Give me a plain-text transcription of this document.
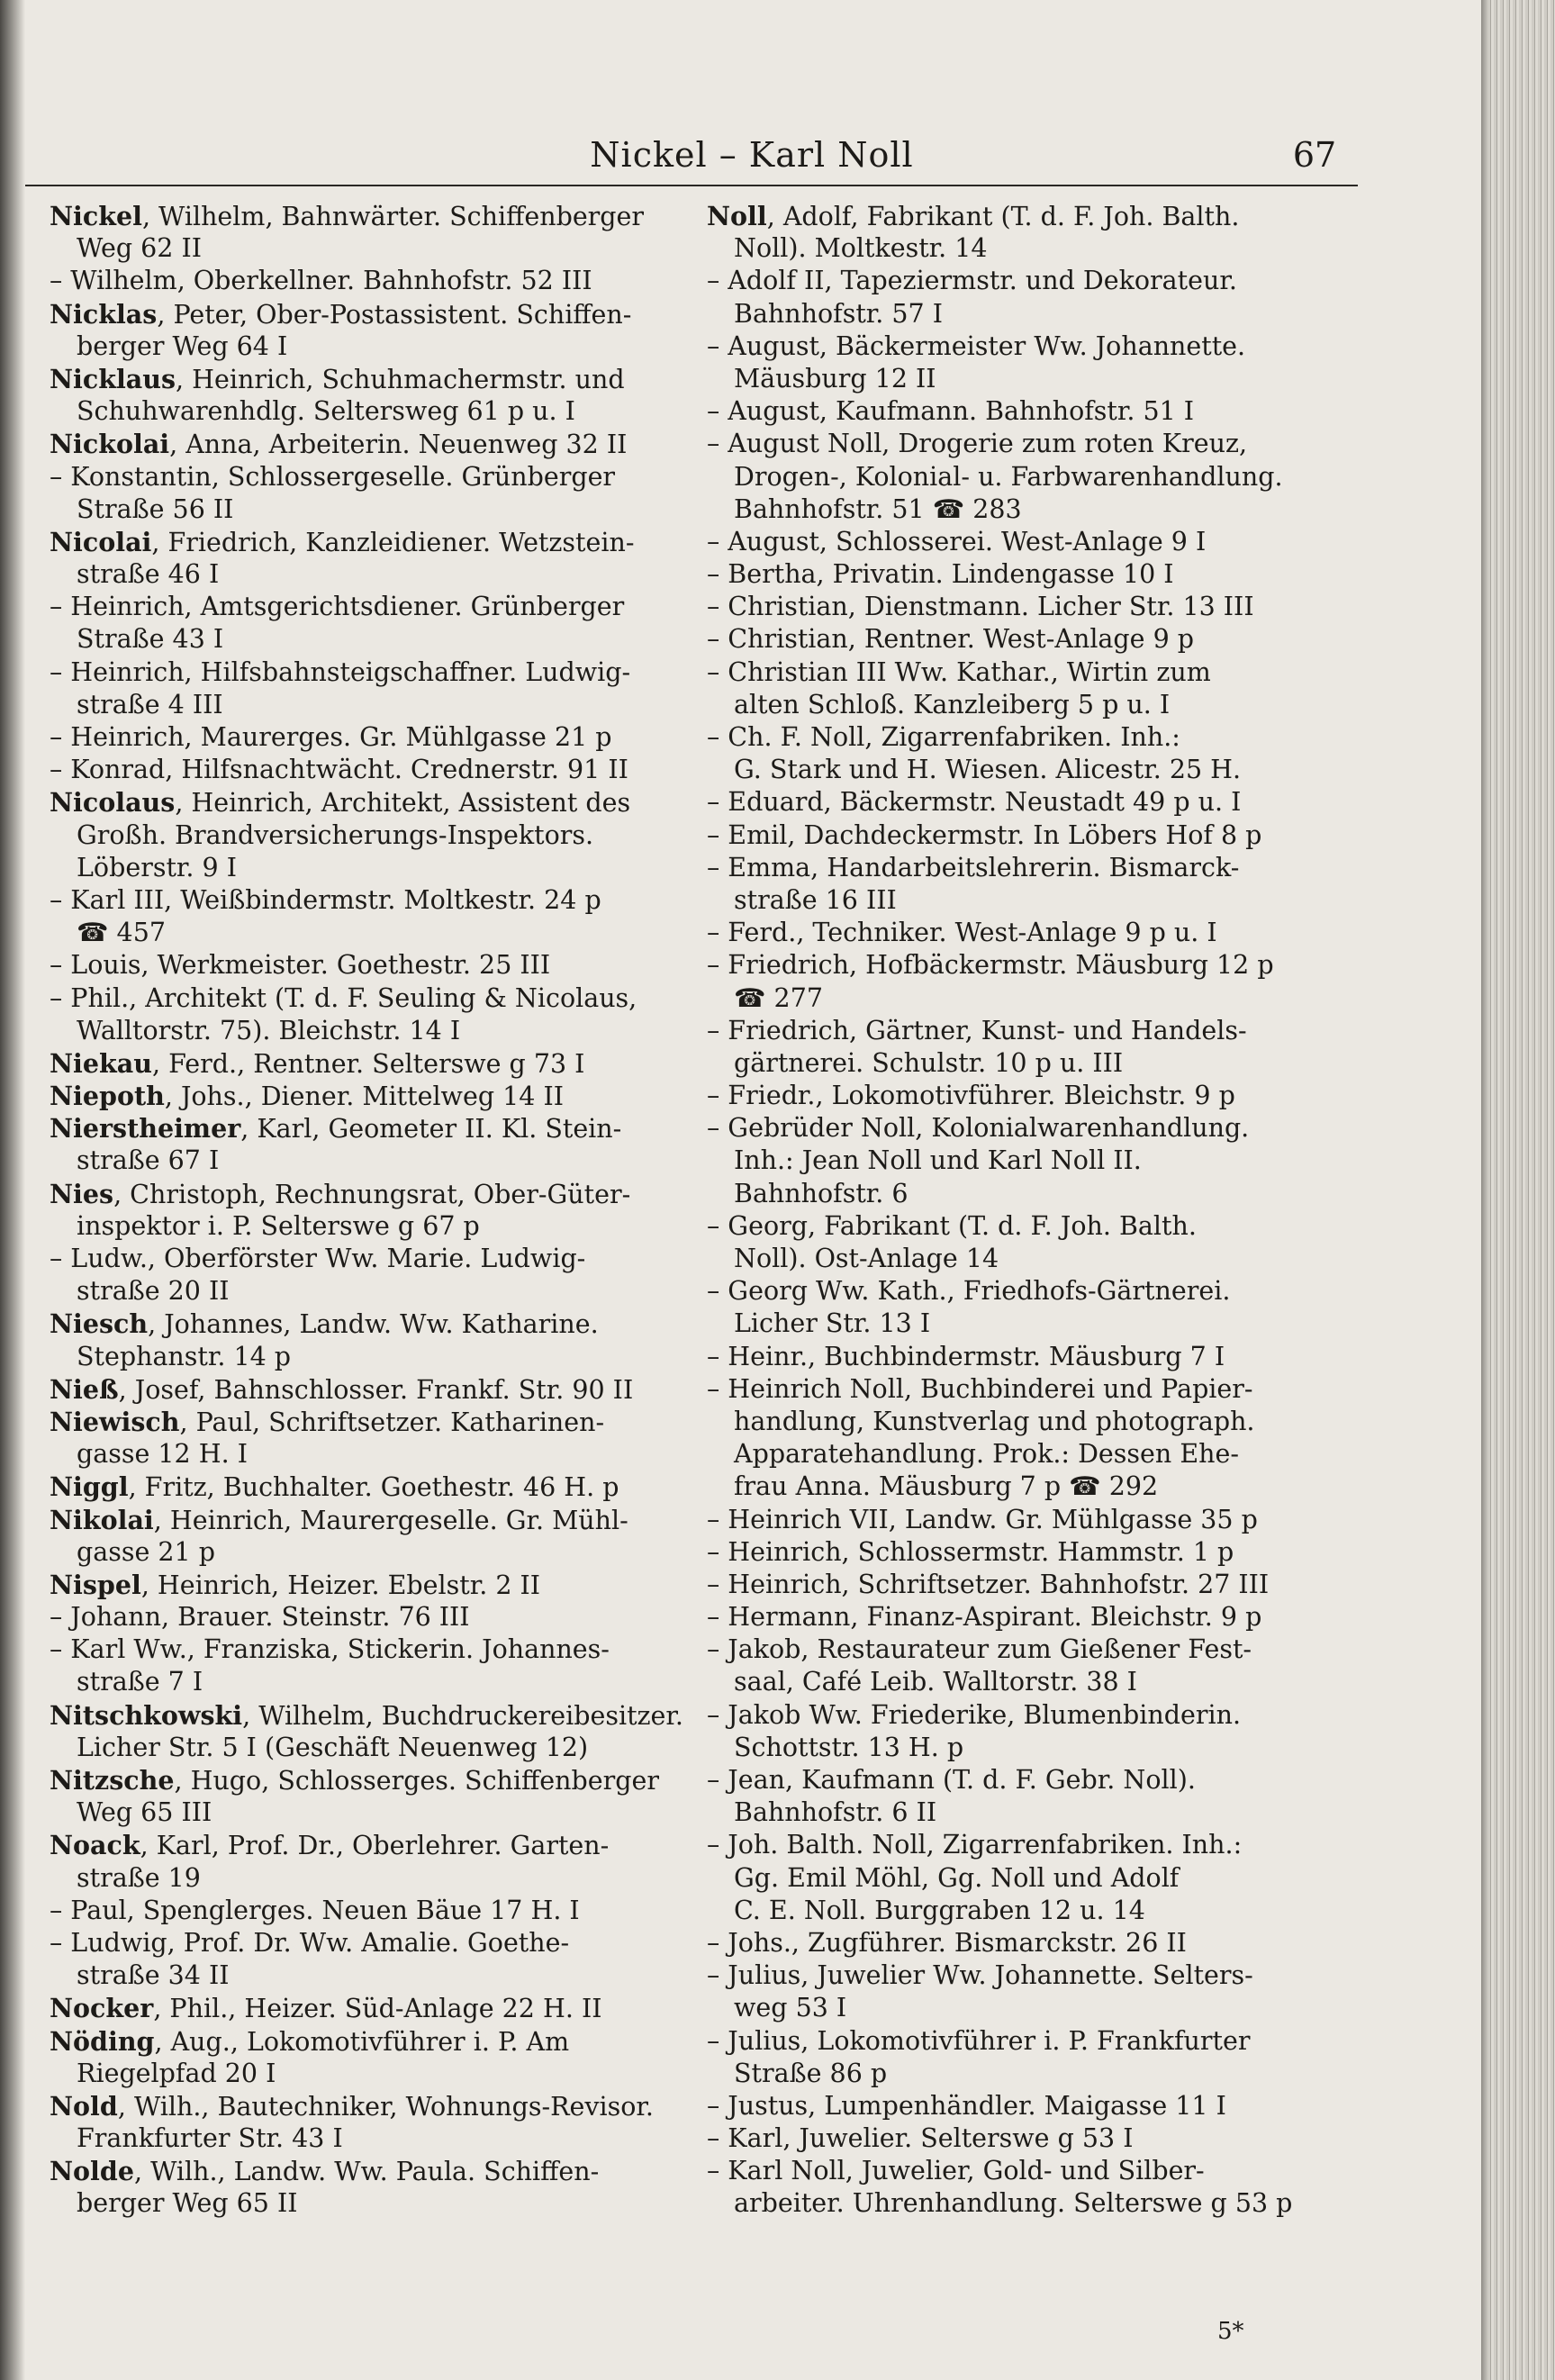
Nickel – Karl Noll	67
Nickel, Wilhelm, Bahnwärter. Schiffenberger
Weg 62 II
– Wilhelm, Oberkellner. Bahnhofstr. 52 III
Nicklas, Peter, Ober-Postassistent. Schiffen-
berger Weg 64 I
Nicklaus, Heinrich, Schuhmachermstr. und
Schuhwarenhdlg. Seltersweg 61 p u. I
Nickolai, Anna, Arbeiterin. Neuenweg 32 II
– Konstantin, Schlossergeselle. Grünberger
Straße 56 II
Nicolai, Friedrich, Kanzleidiener. Wetzstein-
straße 46 I
– Heinrich, Amtsgerichtsdiener. Grünberger
Straße 43 I
– Heinrich, Hilfsbahnsteigschaffner. Ludwig-
straße 4 III
– Heinrich, Maurerges. Gr. Mühlgasse 21 p
– Konrad, Hilfsnachtwächt. Crednerstr. 91 II
Nicolaus, Heinrich, Architekt, Assistent des
Großh. Brandversicherungs-Inspektors.
Löberstr. 9 I
– Karl III, Weißbindermstr. Moltkestr. 24 p
☎ 457
– Louis, Werkmeister. Goethestr. 25 III
– Phil., Architekt (T. d. F. Seuling & Nicolaus,
Walltorstr. 75). Bleichstr. 14 I
Niekau, Ferd., Rentner. Selterswe g 73 I
Niepoth, Johs., Diener. Mittelweg 14 II
Nierstheimer, Karl, Geometer II. Kl. Stein-
straße 67 I
Nies, Christoph, Rechnungsrat, Ober-Güter-
inspektor i. P. Selterswe g 67 p
– Ludw., Oberförster Ww. Marie. Ludwig-
straße 20 II
Niesch, Johannes, Landw. Ww. Katharine.
Stephanstr. 14 p
Nieß, Josef, Bahnschlosser. Frankf. Str. 90 II
Niewisch, Paul, Schriftsetzer. Katharinen-
gasse 12 H. I
Niggl, Fritz, Buchhalter. Goethestr. 46 H. p
Nikolai, Heinrich, Maurergeselle. Gr. Mühl-
gasse 21 p
Nispel, Heinrich, Heizer. Ebelstr. 2 II
– Johann, Brauer. Steinstr. 76 III
– Karl Ww., Franziska, Stickerin. Johannes-
straße 7 I
Nitschkowski, Wilhelm, Buchdruckereibesitzer.
Licher Str. 5 I (Geschäft Neuenweg 12)
Nitzsche, Hugo, Schlosserges. Schiffenberger
Weg 65 III
Noack, Karl, Prof. Dr., Oberlehrer. Garten-
straße 19
– Paul, Spenglerges. Neuen Bäue 17 H. I
– Ludwig, Prof. Dr. Ww. Amalie. Goethe-
straße 34 II
Nocker, Phil., Heizer. Süd-Anlage 22 H. II
Nöding, Aug., Lokomotivführer i. P. Am
Riegelpfad 20 I
Nold, Wilh., Bautechniker, Wohnungs-Revisor.
Frankfurter Str. 43 I
Nolde, Wilh., Landw. Ww. Paula. Schiffen-
berger Weg 65 II
Noll, Adolf, Fabrikant (T. d. F. Joh. Balth.
Noll). Moltkestr. 14
– Adolf II, Tapeziermstr. und Dekorateur.
Bahnhofstr. 57 I
– August, Bäckermeister Ww. Johannette.
Mäusburg 12 II
– August, Kaufmann. Bahnhofstr. 51 I
– August Noll, Drogerie zum roten Kreuz,
Drogen-, Kolonial- u. Farbwarenhandlung.
Bahnhofstr. 51 ☎ 283
– August, Schlosserei. West-Anlage 9 I
– Bertha, Privatin. Lindengasse 10 I
– Christian, Dienstmann. Licher Str. 13 III
– Christian, Rentner. West-Anlage 9 p
– Christian III Ww. Kathar., Wirtin zum
alten Schloß. Kanzleiberg 5 p u. I
– Ch. F. Noll, Zigarrenfabriken. Inh.:
G. Stark und H. Wiesen. Alicestr. 25 H.
– Eduard, Bäckermstr. Neustadt 49 p u. I
– Emil, Dachdeckermstr. In Löbers Hof 8 p
– Emma, Handarbeitslehrerin. Bismarck-
straße 16 III
– Ferd., Techniker. West-Anlage 9 p u. I
– Friedrich, Hofbäckermstr. Mäusburg 12 p
☎ 277
– Friedrich, Gärtner, Kunst- und Handels-
gärtnerei. Schulstr. 10 p u. III
– Friedr., Lokomotivführer. Bleichstr. 9 p
– Gebrüder Noll, Kolonialwarenhandlung.
Inh.: Jean Noll und Karl Noll II.
Bahnhofstr. 6
– Georg, Fabrikant (T. d. F. Joh. Balth.
Noll). Ost-Anlage 14
– Georg Ww. Kath., Friedhofs-Gärtnerei.
Licher Str. 13 I
– Heinr., Buchbindermstr. Mäusburg 7 I
– Heinrich Noll, Buchbinderei und Papier-
handlung, Kunstverlag und photograph.
Apparatehandlung. Prok.: Dessen Ehe-
frau Anna. Mäusburg 7 p ☎ 292
– Heinrich VII, Landw. Gr. Mühlgasse 35 p
– Heinrich, Schlossermstr. Hammstr. 1 p
– Heinrich, Schriftsetzer. Bahnhofstr. 27 III
– Hermann, Finanz-Aspirant. Bleichstr. 9 p
– Jakob, Restaurateur zum Gießener Fest-
saal, Café Leib. Walltorstr. 38 I
– Jakob Ww. Friederike, Blumenbinderin.
Schottstr. 13 H. p
– Jean, Kaufmann (T. d. F. Gebr. Noll).
Bahnhofstr. 6 II
– Joh. Balth. Noll, Zigarrenfabriken. Inh.:
Gg. Emil Möhl, Gg. Noll und Adolf
C. E. Noll. Burggraben 12 u. 14
– Johs., Zugführer. Bismarckstr. 26 II
– Julius, Juwelier Ww. Johannette. Selters-
weg 53 I
– Julius, Lokomotivführer i. P. Frankfurter
Straße 86 p
– Justus, Lumpenhändler. Maigasse 11 I
– Karl, Juwelier. Selterswe g 53 I
– Karl Noll, Juwelier, Gold- und Silber-
arbeiter. Uhrenhandlung. Selterswe g 53 p
5*
